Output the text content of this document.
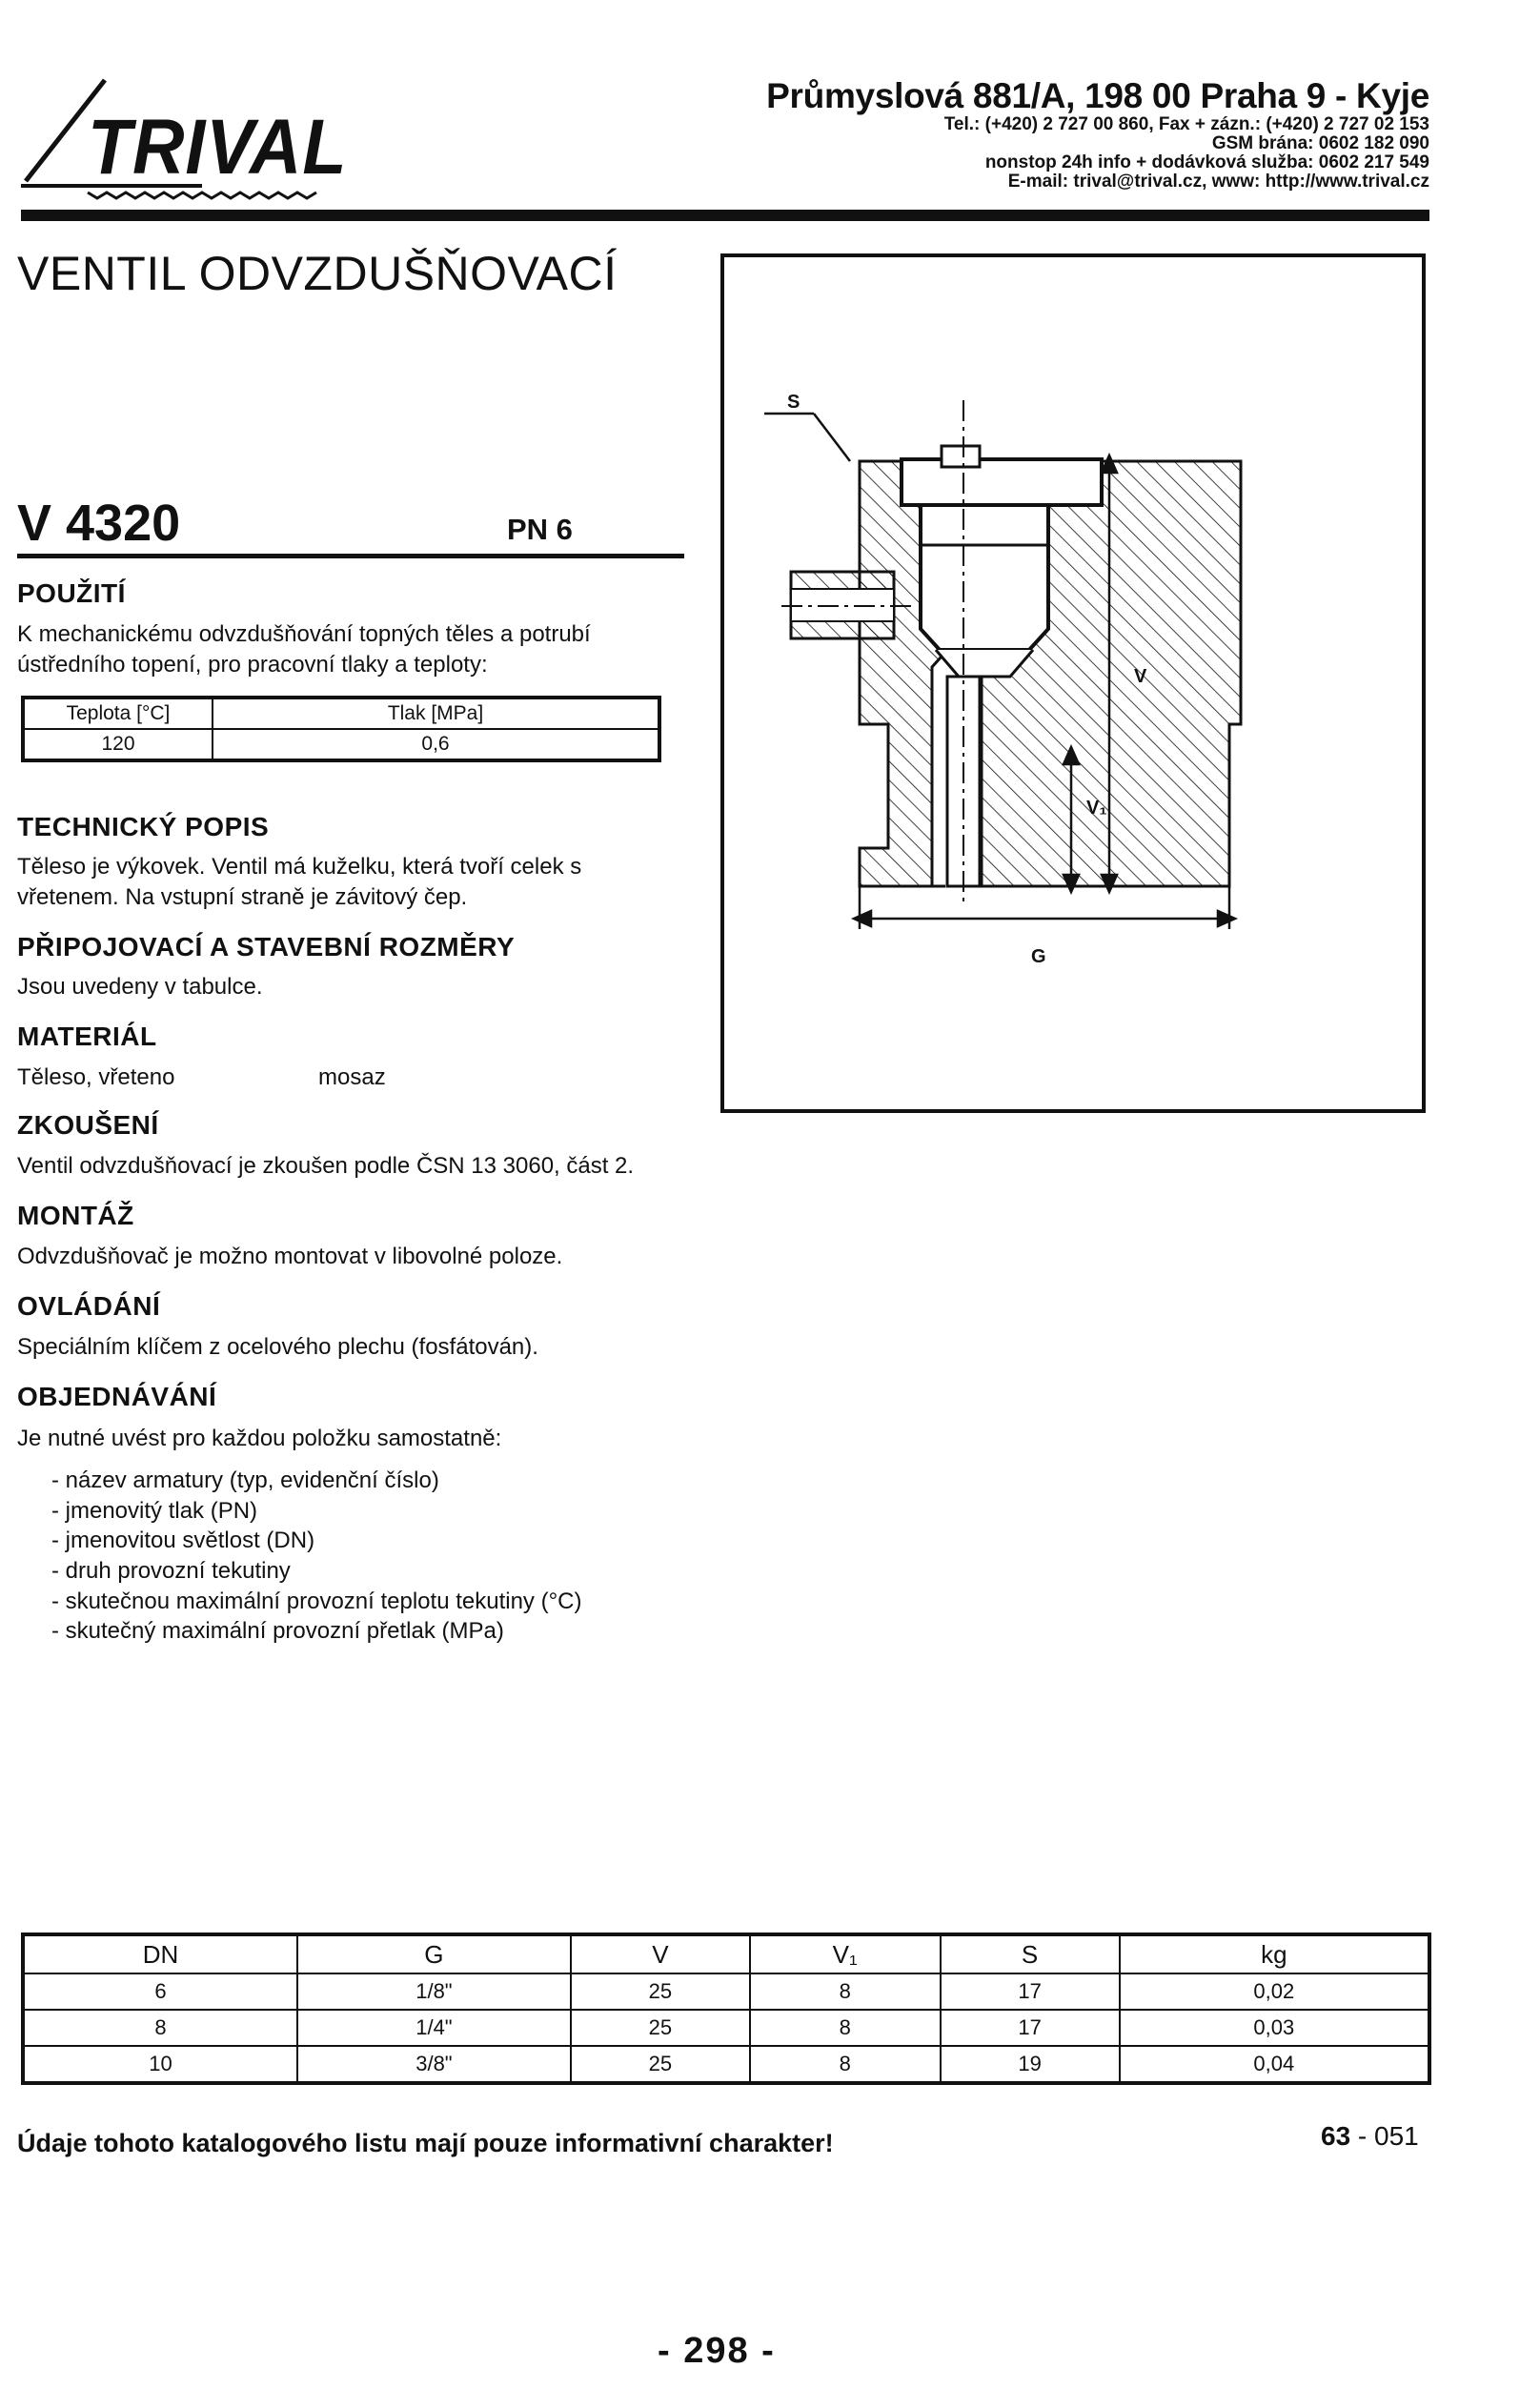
TRIVAL
Průmyslová 881/A, 198 00 Praha 9 - Kyje
Tel.: (+420) 2 727 00 860, Fax + zázn.: (+420) 2 727 02 153
GSM brána: 0602 182 090
nonstop 24h info + dodávková služba: 0602 217 549
E-mail: trival@trival.cz, www: http://www.trival.cz
VENTIL ODVZDUŠŇOVACÍ
V 4320	PN 6
POUŽITÍ
K mechanickému odvzdušňování topných těles a potrubí ústředního topení, pro pracovní tlaky a teploty:
Teplota [°C]	Tlak [MPa]
120	0,6
TECHNICKÝ POPIS
Těleso je výkovek. Ventil má kuželku, která tvoří celek s vřetenem. Na vstupní straně je závitový čep.
PŘIPOJOVACÍ A STAVEBNÍ ROZMĚRY
Jsou uvedeny v tabulce.
MATERIÁL
Těleso, vřeteno	mosaz
ZKOUŠENÍ
Ventil odvzdušňovací je zkoušen podle ČSN 13 3060, část 2.
MONTÁŽ
Odvzdušňovač je možno montovat v libovolné poloze.
OVLÁDÁNÍ
Speciálním klíčem z ocelového plechu (fosfátován).
OBJEDNÁVÁNÍ
Je nutné uvést pro každou položku samostatně:
- název armatury (typ, evidenční číslo)
- jmenovitý tlak (PN)
- jmenovitou světlost (DN)
- druh provozní tekutiny
- skutečnou maximální provozní teplotu tekutiny (°C)
- skutečný maximální provozní přetlak (MPa)
S
V
V₁
G
DN	G	V	V₁	S	kg
6	1/8"	25	8	17	0,02
8	1/4"	25	8	17	0,03
10	3/8"	25	8	19	0,04
Údaje tohoto katalogového listu mají pouze informativní charakter!	63 - 051
- 298 -
